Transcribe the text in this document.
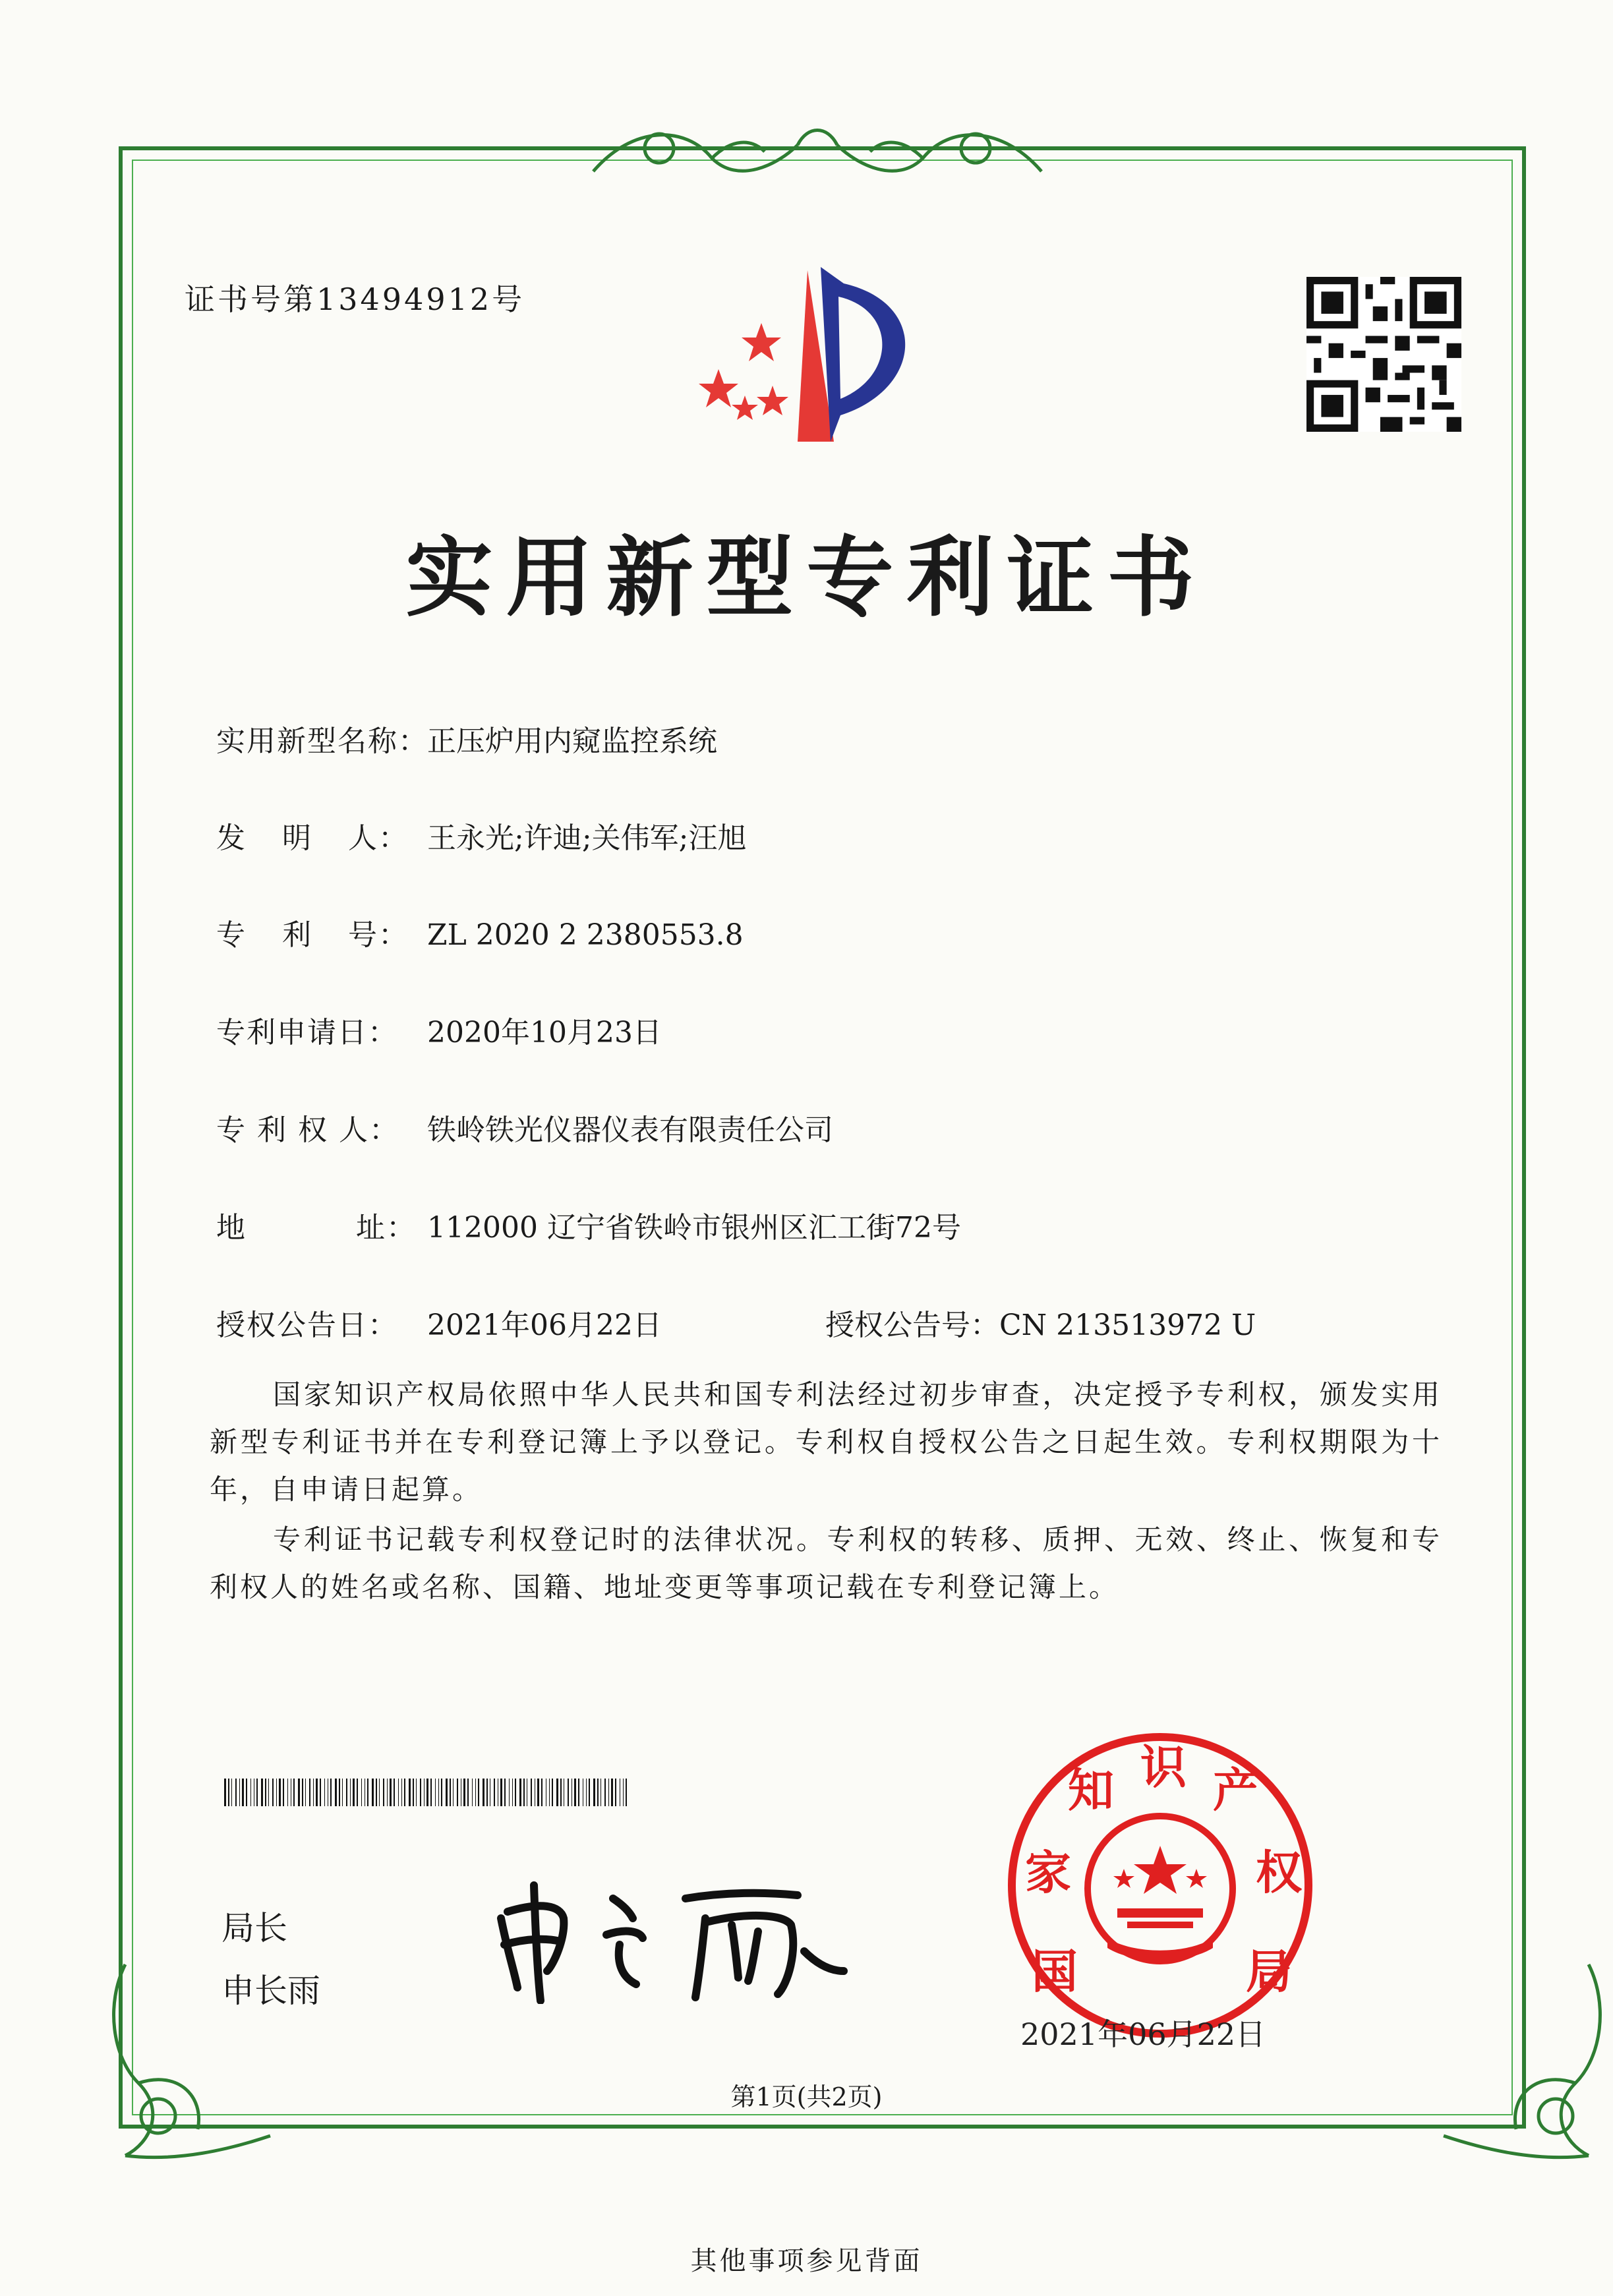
证书号第13494912号
实用新型专利证书
实用新型名称：正压炉用内窥监控系统
发 明 人： 王永光;许迪;关伟军;汪旭
专 利 号： ZL 2020 2 2380553.8
专利申请日： 2020年10月23日
专 利 权 人： 铁岭铁光仪器仪表有限责任公司
地 址： 112000 辽宁省铁岭市银州区汇工街72号
授权公告日： 2021年06月22日	授权公告号：CN 213513972 U
国家知识产权局依照中华人民共和国专利法经过初步审查，决定授予专利权，颁发实用新型专利证书并在专利登记簿上予以登记。专利权自授权公告之日起生效。专利权期限为十年，自申请日起算。
专利证书记载专利权登记时的法律状况。专利权的转移、质押、无效、终止、恢复和专利权人的姓名或名称、国籍、地址变更等事项记载在专利登记簿上。
局长
申长雨	国
家
知 识 产
权
局
2021年06月22日
第1页(共2页)
其他事项参见背面
